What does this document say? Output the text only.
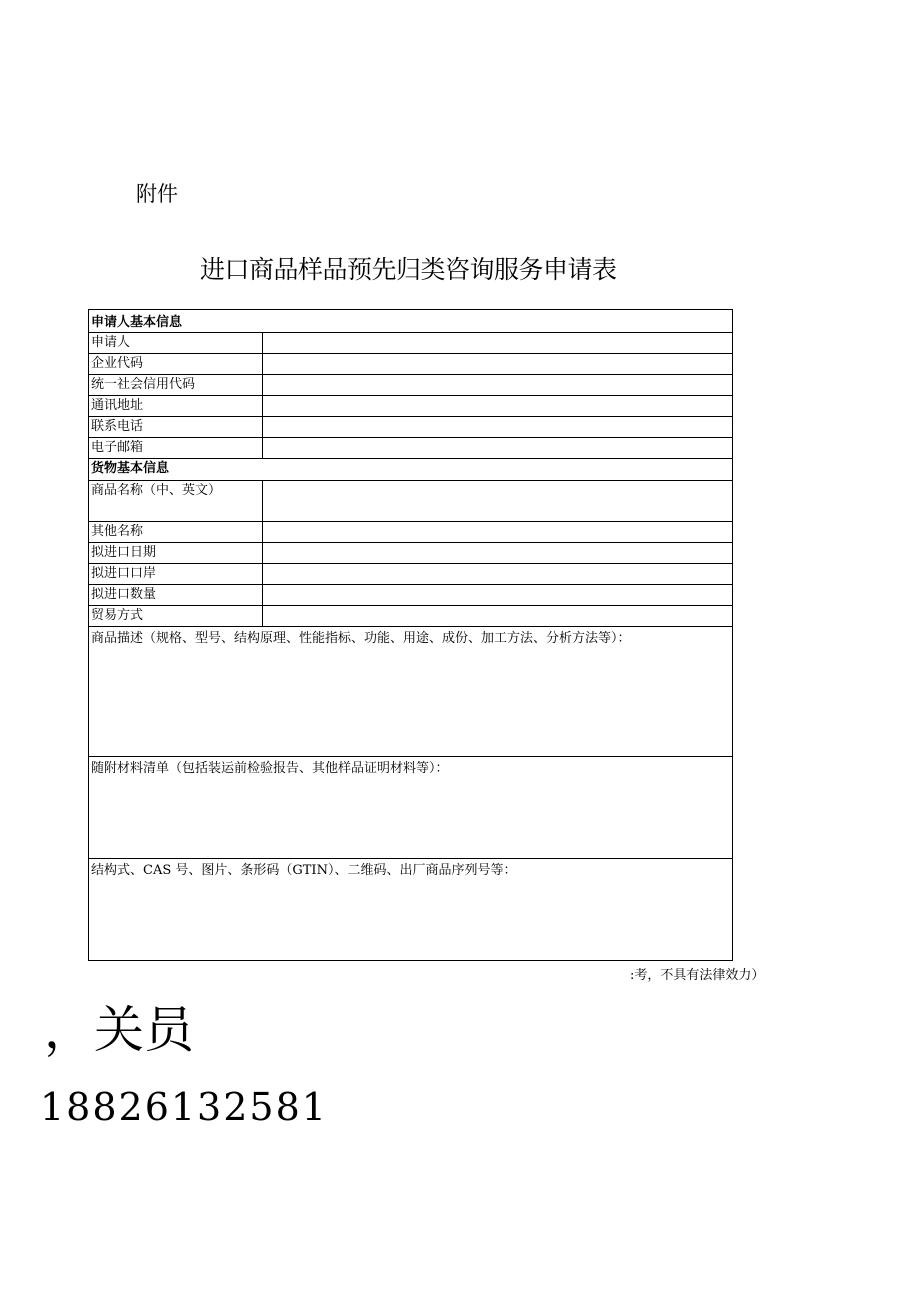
附件
进口商品样品预先归类咨询服务申请表
申请人基本信息	
申请人	
企业代码	
统一社会信用代码	
通讯地址	
联系电话	
电子邮箱	
货物基本信息	
商品名称（中、英文）	
其他名称	
拟进口日期	
拟进口口岸	
拟进口数量	
贸易方式	
商品描述（规格、型号、结构原理、性能指标、功能、用途、成份、加工方法、分析方法等）：	
随附材料清单（包括装运前检验报告、其他样品证明材料等）：	
结构式、CAS 号、图片、条形码（GTIN）、二维码、出厂商品序列号等：	
:考，不具有法律效力）
，关员
18826132581
